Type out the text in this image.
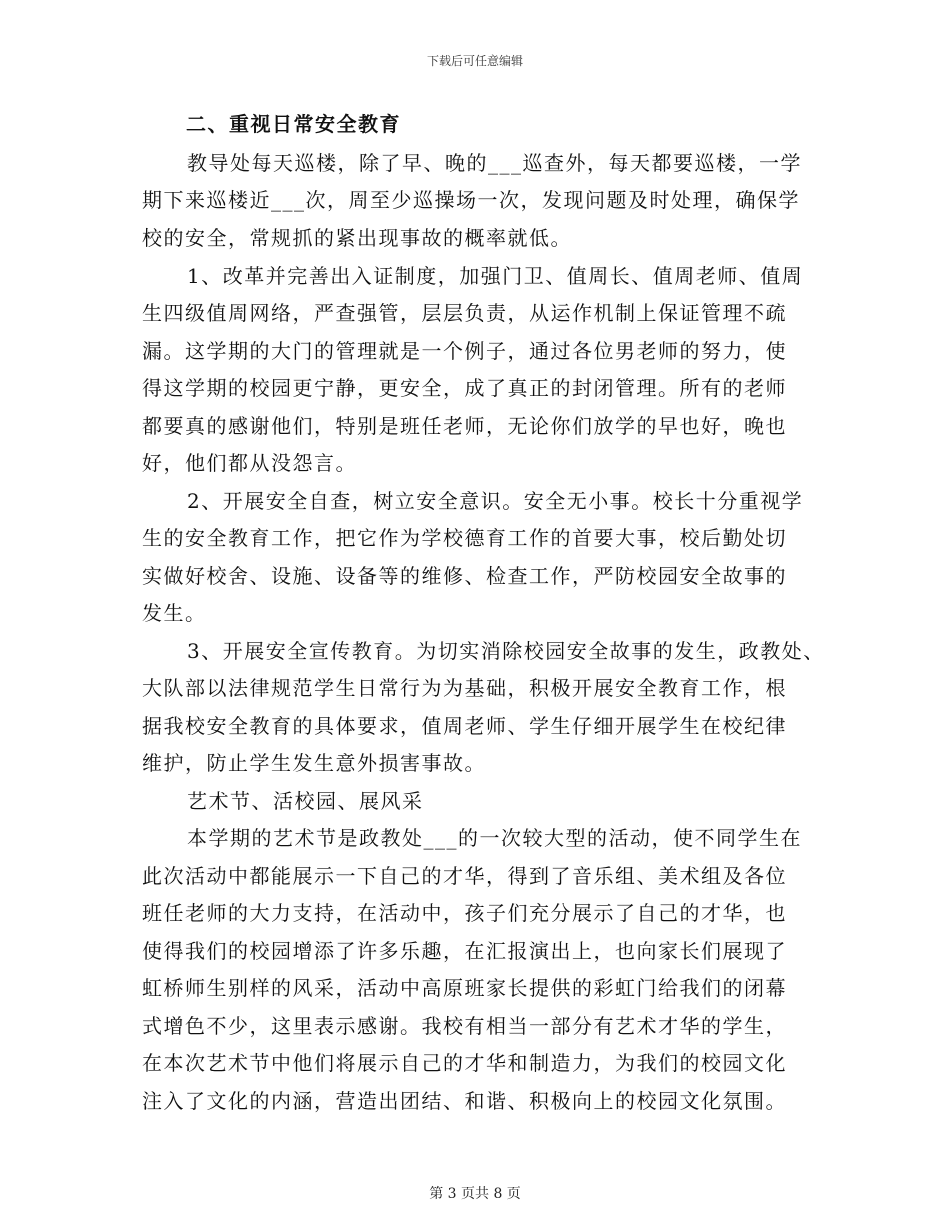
下载后可任意编辑
二、重视日常安全教育
教导处每天巡楼，除了早、晚的___巡查外，每天都要巡楼，一学
期下来巡楼近___次，周至少巡操场一次，发现问题及时处理，确保学
校的安全，常规抓的紧出现事故的概率就低。
1、改革并完善出入证制度，加强门卫、值周长、值周老师、值周
生四级值周网络，严查强管，层层负责，从运作机制上保证管理不疏
漏。这学期的大门的管理就是一个例子，通过各位男老师的努力，使
得这学期的校园更宁静，更安全，成了真正的封闭管理。所有的老师
都要真的感谢他们，特别是班任老师，无论你们放学的早也好，晚也
好，他们都从没怨言。
2、开展安全自查，树立安全意识。安全无小事。校长十分重视学
生的安全教育工作，把它作为学校德育工作的首要大事，校后勤处切
实做好校舍、设施、设备等的维修、检查工作，严防校园安全故事的
发生。
3、开展安全宣传教育。为切实消除校园安全故事的发生，政教处、
大队部以法律规范学生日常行为为基础，积极开展安全教育工作，根
据我校安全教育的具体要求，值周老师、学生仔细开展学生在校纪律
维护，防止学生发生意外损害事故。
艺术节、活校园、展风采
本学期的艺术节是政教处___的一次较大型的活动，使不同学生在
此次活动中都能展示一下自己的才华，得到了音乐组、美术组及各位
班任老师的大力支持，在活动中，孩子们充分展示了自己的才华，也
使得我们的校园增添了许多乐趣，在汇报演出上，也向家长们展现了
虹桥师生别样的风采，活动中高原班家长提供的彩虹门给我们的闭幕
式增色不少，这里表示感谢。我校有相当一部分有艺术才华的学生，
在本次艺术节中他们将展示自己的才华和制造力，为我们的校园文化
注入了文化的内涵，营造出团结、和谐、积极向上的校园文化氛围。
第 3 页共 8 页
